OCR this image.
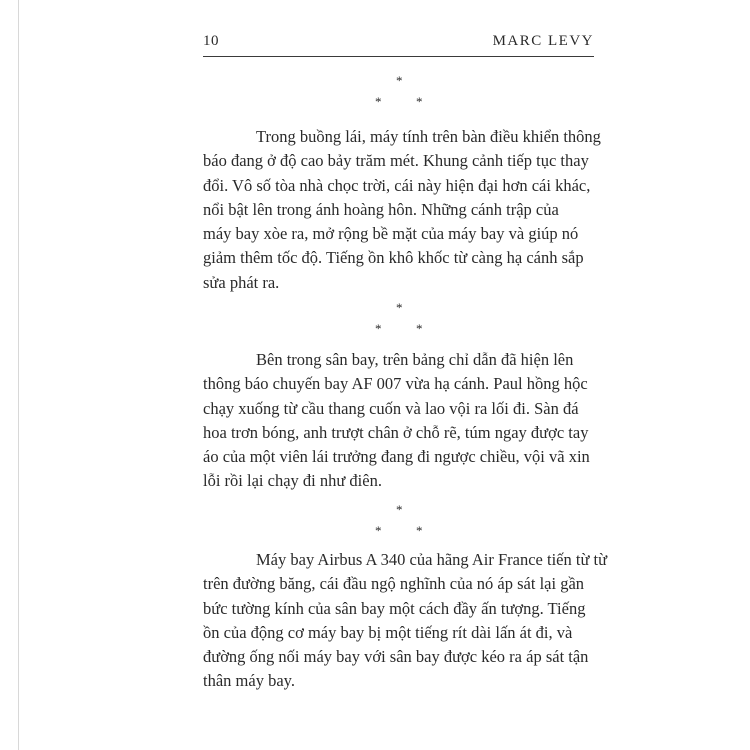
10	MARC LEVY
*
*	*

Trong buồng lái, máy tính trên bàn điều khiển thông
báo đang ở độ cao bảy trăm mét. Khung cảnh tiếp tục thay
đổi. Vô số tòa nhà chọc trời, cái này hiện đại hơn cái khác,
nổi bật lên trong ánh hoàng hôn. Những cánh trập của
máy bay xòe ra, mở rộng bề mặt của máy bay và giúp nó
giảm thêm tốc độ. Tiếng ồn khô khốc từ càng hạ cánh sắp
sửa phát ra.

*
*	*

Bên trong sân bay, trên bảng chỉ dẫn đã hiện lên
thông báo chuyến bay AF 007 vừa hạ cánh. Paul hồng hộc
chạy xuống từ cầu thang cuốn và lao vội ra lối đi. Sàn đá
hoa trơn bóng, anh trượt chân ở chỗ rẽ, túm ngay được tay
áo của một viên lái trưởng đang đi ngược chiều, vội vã xin
lỗi rồi lại chạy đi như điên.

*
*	*

Máy bay Airbus A 340 của hãng Air France tiến từ từ
trên đường băng, cái đầu ngộ nghĩnh của nó áp sát lại gần
bức tường kính của sân bay một cách đầy ấn tượng. Tiếng
ồn của động cơ máy bay bị một tiếng rít dài lấn át đi, và
đường ống nối máy bay với sân bay được kéo ra áp sát tận
thân máy bay.
